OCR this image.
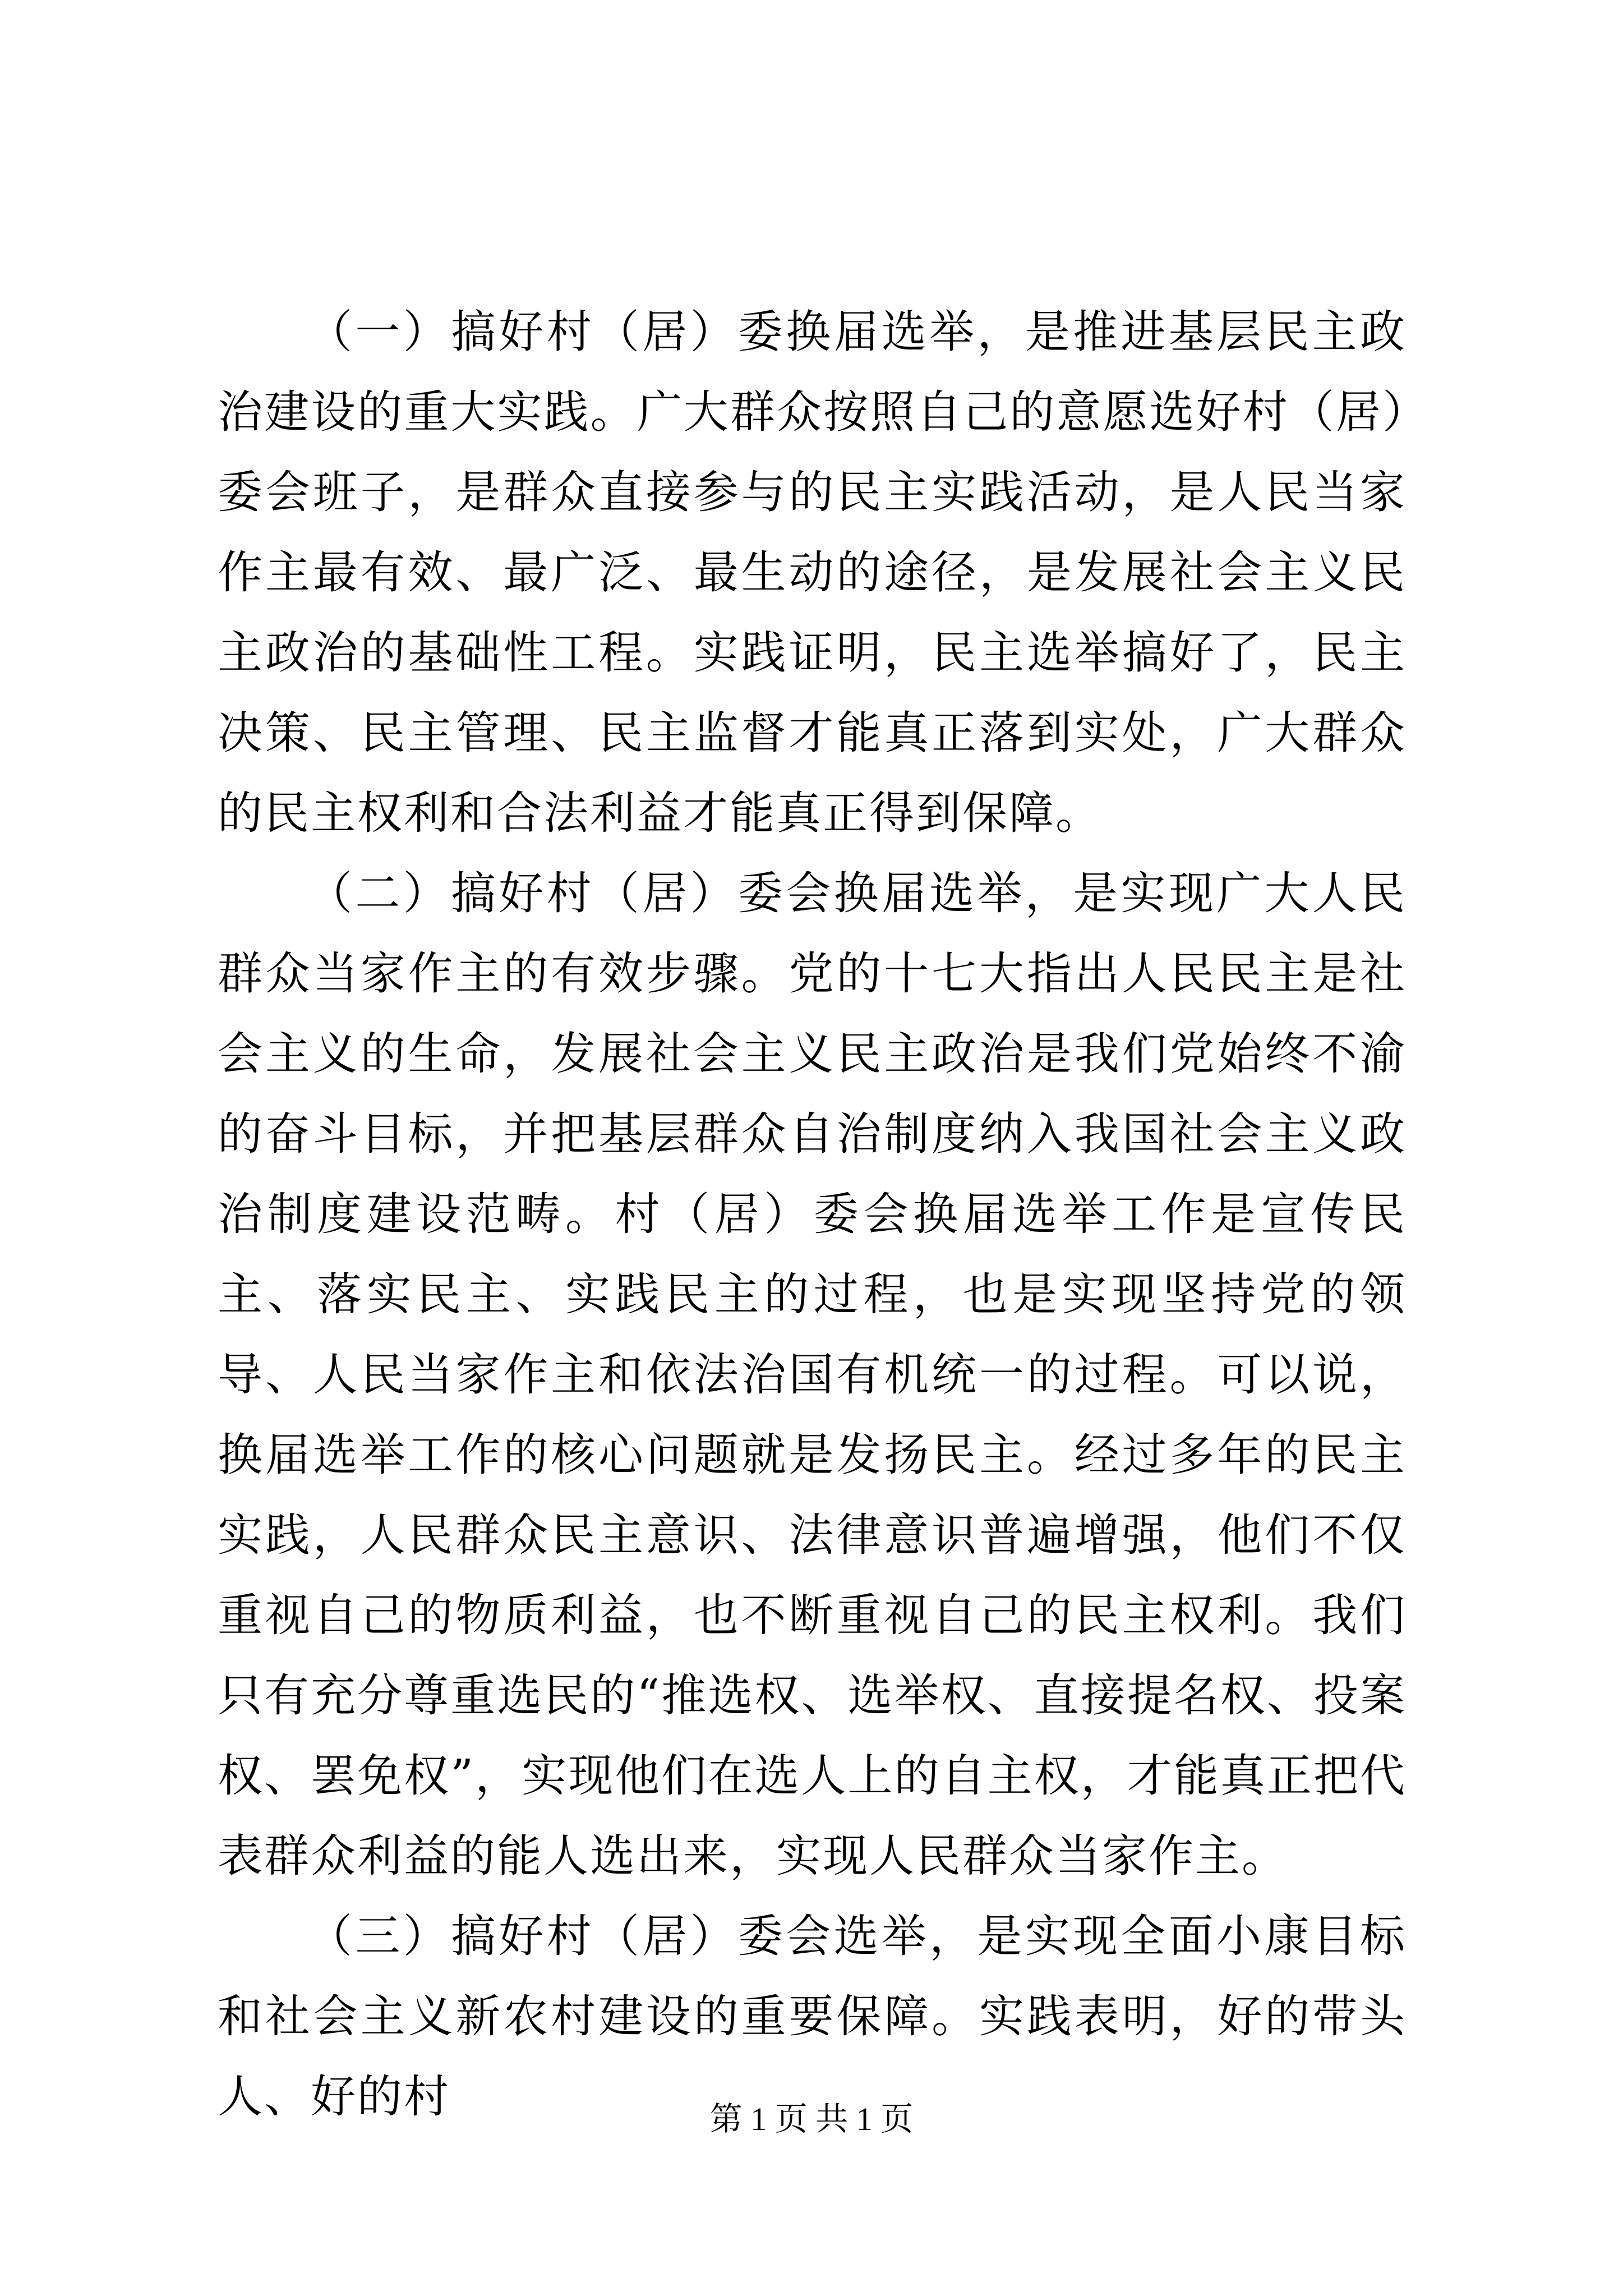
（一）搞好村（居）委换届选举，是推进基层民主政治建设的重大实践。广大群众按照自己的意愿选好村（居）委会班子，是群众直接参与的民主实践活动，是人民当家作主最有效、最广泛、最生动的途径，是发展社会主义民主政治的基础性工程。实践证明，民主选举搞好了，民主决策、民主管理、民主监督才能真正落到实处，广大群众的民主权利和合法利益才能真正得到保障。

（二）搞好村（居）委会换届选举，是实现广大人民群众当家作主的有效步骤。党的十七大指出人民民主是社会主义的生命，发展社会主义民主政治是我们党始终不渝的奋斗目标，并把基层群众自治制度纳入我国社会主义政治制度建设范畴。村（居）委会换届选举工作是宣传民主、落实民主、实践民主的过程，也是实现坚持党的领导、人民当家作主和依法治国有机统一的过程。可以说，换届选举工作的核心问题就是发扬民主。经过多年的民主实践，人民群众民主意识、法律意识普遍增强，他们不仅重视自己的物质利益，也不断重视自己的民主权利。我们只有充分尊重选民的“推选权、选举权、直接提名权、投案权、罢免权”，实现他们在选人上的自主权，才能真正把代表群众利益的能人选出来，实现人民群众当家作主。

（三）搞好村（居）委会选举，是实现全面小康目标和社会主义新农村建设的重要保障。实践表明，好的带头人、好的村	第 1 页 共 1 页
